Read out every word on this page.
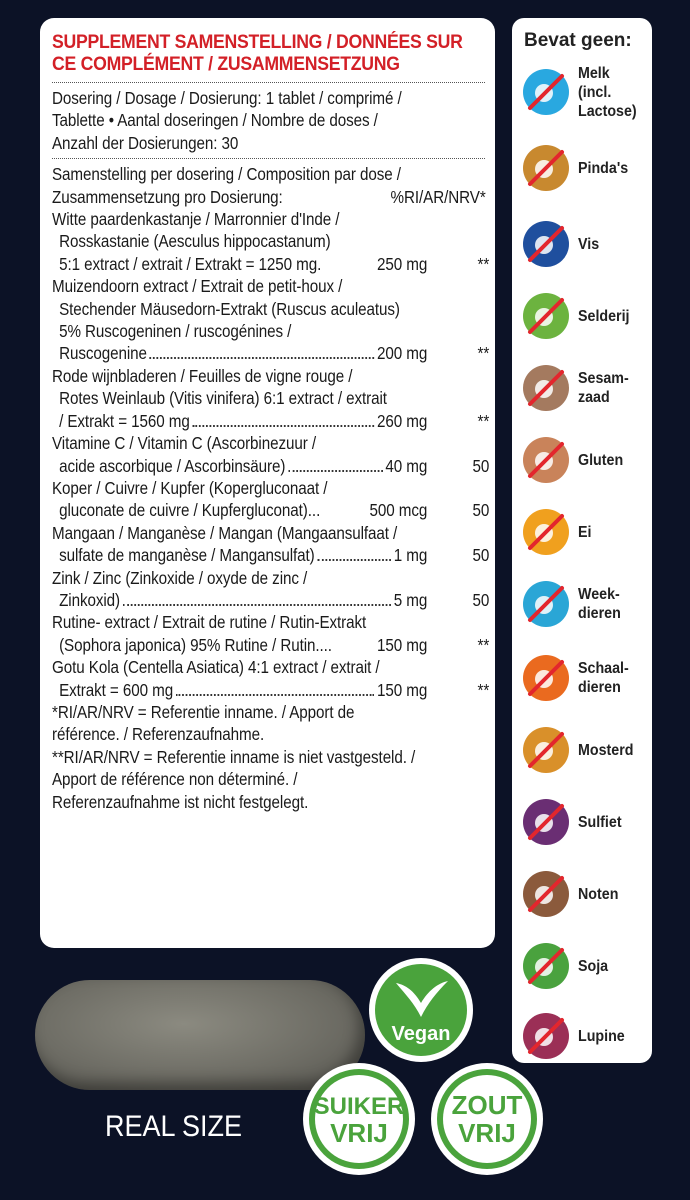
SUPPLEMENT SAMENSTELLING / DONNÉES SUR
CE COMPLÉMENT / ZUSAMMENSETZUNG
Dosering / Dosage / Dosierung: 1 tablet / comprimé /
Tablette • Aantal doseringen / Nombre de doses /
Anzahl der Dosierungen: 30
Samenstelling per dosering / Composition par dose /
Zusammensetzung pro Dosierung:	%RI/AR/NRV*
Witte paardenkastanje / Marronnier d'Inde /
Rosskastanie (Aesculus hippocastanum)
5:1 extract / extrait / Extrakt = 1250 mg.	250 mg	**
Muizendoorn extract / Extrait de petit-houx /
Stechender Mäusedorn-Extrakt (Ruscus aculeatus)
5% Ruscogeninen / ruscogénines /
Ruscogenine	200 mg	**
Rode wijnbladeren / Feuilles de vigne rouge /
Rotes Weinlaub (Vitis vinifera) 6:1 extract / extrait
/ Extrakt = 1560 mg	260 mg	**
Vitamine C / Vitamin C (Ascorbinezuur /
acide ascorbique / Ascorbinsäure)	40 mg	50
Koper / Cuivre / Kupfer (Kopergluconaat /
gluconate de cuivre / Kupfergluconat)...	500 mcg	50
Mangaan / Manganèse / Mangan (Mangaansulfaat /
sulfate de manganèse / Mangansulfat)	1 mg	50
Zink / Zinc (Zinkoxide / oxyde de zinc /
Zinkoxid)	5 mg	50
Rutine- extract / Extrait de rutine / Rutin-Extrakt
(Sophora japonica) 95% Rutine / Rutin....	150 mg	**
Gotu Kola (Centella Asiatica) 4:1 extract / extrait /
Extrakt = 600 mg	150 mg	**
*RI/AR/NRV = Referentie inname. / Apport de
référence. / Referenzaufnahme.
**RI/AR/NRV = Referentie inname is niet vastgesteld. /
Apport de référence non déterminé. /
Referenzaufnahme ist nicht festgelegt.
Bevat geen:
Melk
(incl.
Lactose)
Pinda's
Vis
Selderij
Sesam-
zaad
Gluten
Ei
Week-
dieren
Schaal-
dieren
Mosterd
Sulfiet
Noten
Soja
Lupine
REAL SIZE
Vegan
SUIKER
VRIJ
ZOUT
VRIJ
